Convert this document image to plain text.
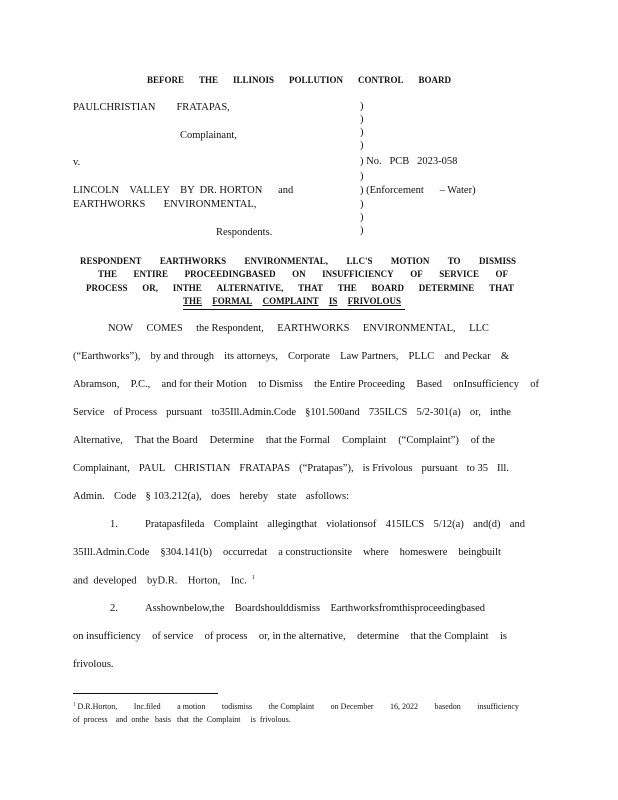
BEFORE THE ILLINOIS POLLUTION CONTROL BOARD
PAULCHRISTIAN        FRATAPAS,
Complainant,
v.
LINCOLN    VALLEY    BY  DR. HORTON      and
EARTHWORKS       ENVIRONMENTAL,
Respondents.
)
)
)
)
) No.   PCB   2023-058
)
) (Enforcement      – Water)
)
)
)
RESPONDENT EARTHWORKS ENVIRONMENTAL, LLC'S MOTION TO DISMISS
THE ENTIRE PROCEEDINGBASED ON INSUFFICIENCY OF SERVICE OF
PROCESS OR, INTHE ALTERNATIVE, THAT THE BOARD DETERMINE THAT
THE FORMAL COMPLAINT IS FRIVOLOUS
NOW COMES the Respondent, EARTHWORKS ENVIRONMENTAL, LLC
(“Earthworks”), by and through its attorneys, Corporate Law Partners, PLLC and Peckar &
Abramson, P.C., and for their Motion to Dismiss the Entire Proceeding Based onInsufficiency of
Service of Process pursuant to35Ill.Admin.Code §101.500and 735ILCS 5/2-301(a) or, inthe
Alternative, That the Board Determine that the Formal Complaint (“Complaint”) of the
Complainant, PAUL CHRISTIAN FRATAPAS (“Pratapas”), is Frivolous pursuant to 35 Ill.
Admin. Code § 103.212(a), does hereby state asfollows:
1.	Pratapasfileda Complaint allegingthat violationsof 415ILCS 5/12(a) and(d) and
35Ill.Admin.Code §304.141(b) occurredat a constructionsite where homeswere beingbuilt
and  developed    byD.R.    Horton,    Inc. $^1$
2.	Asshownbelow,the Boardshoulddismiss Earthworksfromthisproceedingbased
on insufficiency of service of process or, in the alternative, determine that the Complaint is
frivolous.
$^1$ D.R.Horton, Inc.filed a motion todismiss the Complaint on December 16, 2022 basedon insufficiency
of  process    and  onthe   basis   that  the  Complaint     is  frivolous.
